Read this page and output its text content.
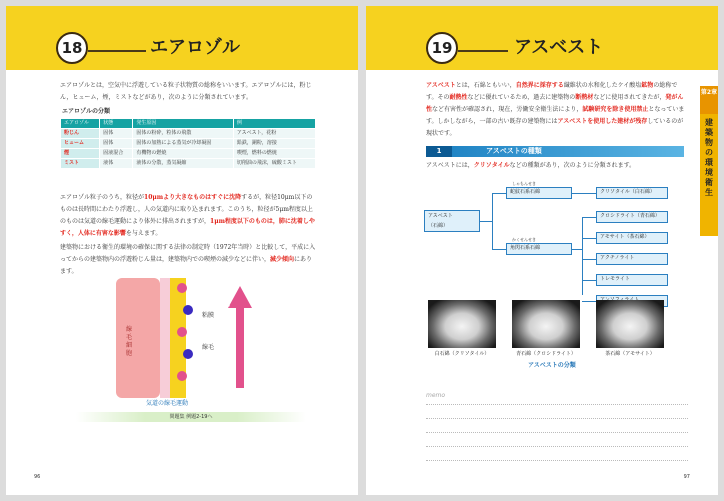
18	エアロゾル
エアロゾルとは，空気中に浮遊している粒子状物質の総称をいいます。エアロゾルには，粉じん，ヒューム，煙，ミストなどがあり，次のように分類されています。
エアロゾルの分類
エアロゾル	状態	発生原因	例
粉じん	固体	固体の粉砕，粒体の飛散	アスベスト，花粉
ヒューム	固体	固体の加熱による蒸気が冷却凝固	鉛鉄，銅粉，溶接
煙	固液混合	有機物の燃焼	喫煙，燃料の燃焼
ミスト	液体	液体の分散，蒸気凝縮	切削油の飛沫，硫酸ミスト
エアロゾル粒子のうち，粒径が10μmより大きなものはすぐに沈降するが，粒径10μm以下のものは長時間にわたり浮遊し，人の気道内に取り込まれます。このうち，粒径が5μm程度以上のものは気道の線毛運動により体外に排出されますが，1μm程度以下のものは，肺に沈着しやすく，人体に有害な影響を与えます。
建築物における衛生的環境の確保に関する法律の制定時（1972年当時）と比較して，平成に入ってからの建築物内の浮遊粉じん量は，建築物内での喫煙の減少などに伴い，減少傾向にあります。
線毛細胞
粘膜
線毛
体外へ
気道の線毛運動
問題集 例題2-19へ
96
19	アスベスト
第2章
建築物の環境衛生
アスベストとは，石綿ともいい，自然界に採存する繊維状の水和化したケイ酸塩鉱物の総称です。その耐熱性などに優れているため，過去に建築物の断熱材などに使用されてきたが，発がん性など有害性が確認され，現在，労働安全衛生法により，試験研究を除き使用禁止となっています。しかしながら，一部の古い既存の建築物にはアスベストを使用した建材が残存しているのが現状です。
1	アスベストの種類
アスベストには，クリソタイルなどの種類があり，次のように分類されます。
アスベスト
（石綿）
しゃもんせき
蛇紋石系石綿
かくせんせき
角閃石系石綿
クリソタイル（白石綿）
クロシドライト（青石綿）
アモサイト（茶石綿）
アクチノライト
トレモライト
白石綿（クリソタイル）	青石綿（クロシドライト）	茶石綿（アモサイト）
アスベストの分類
memo
97
